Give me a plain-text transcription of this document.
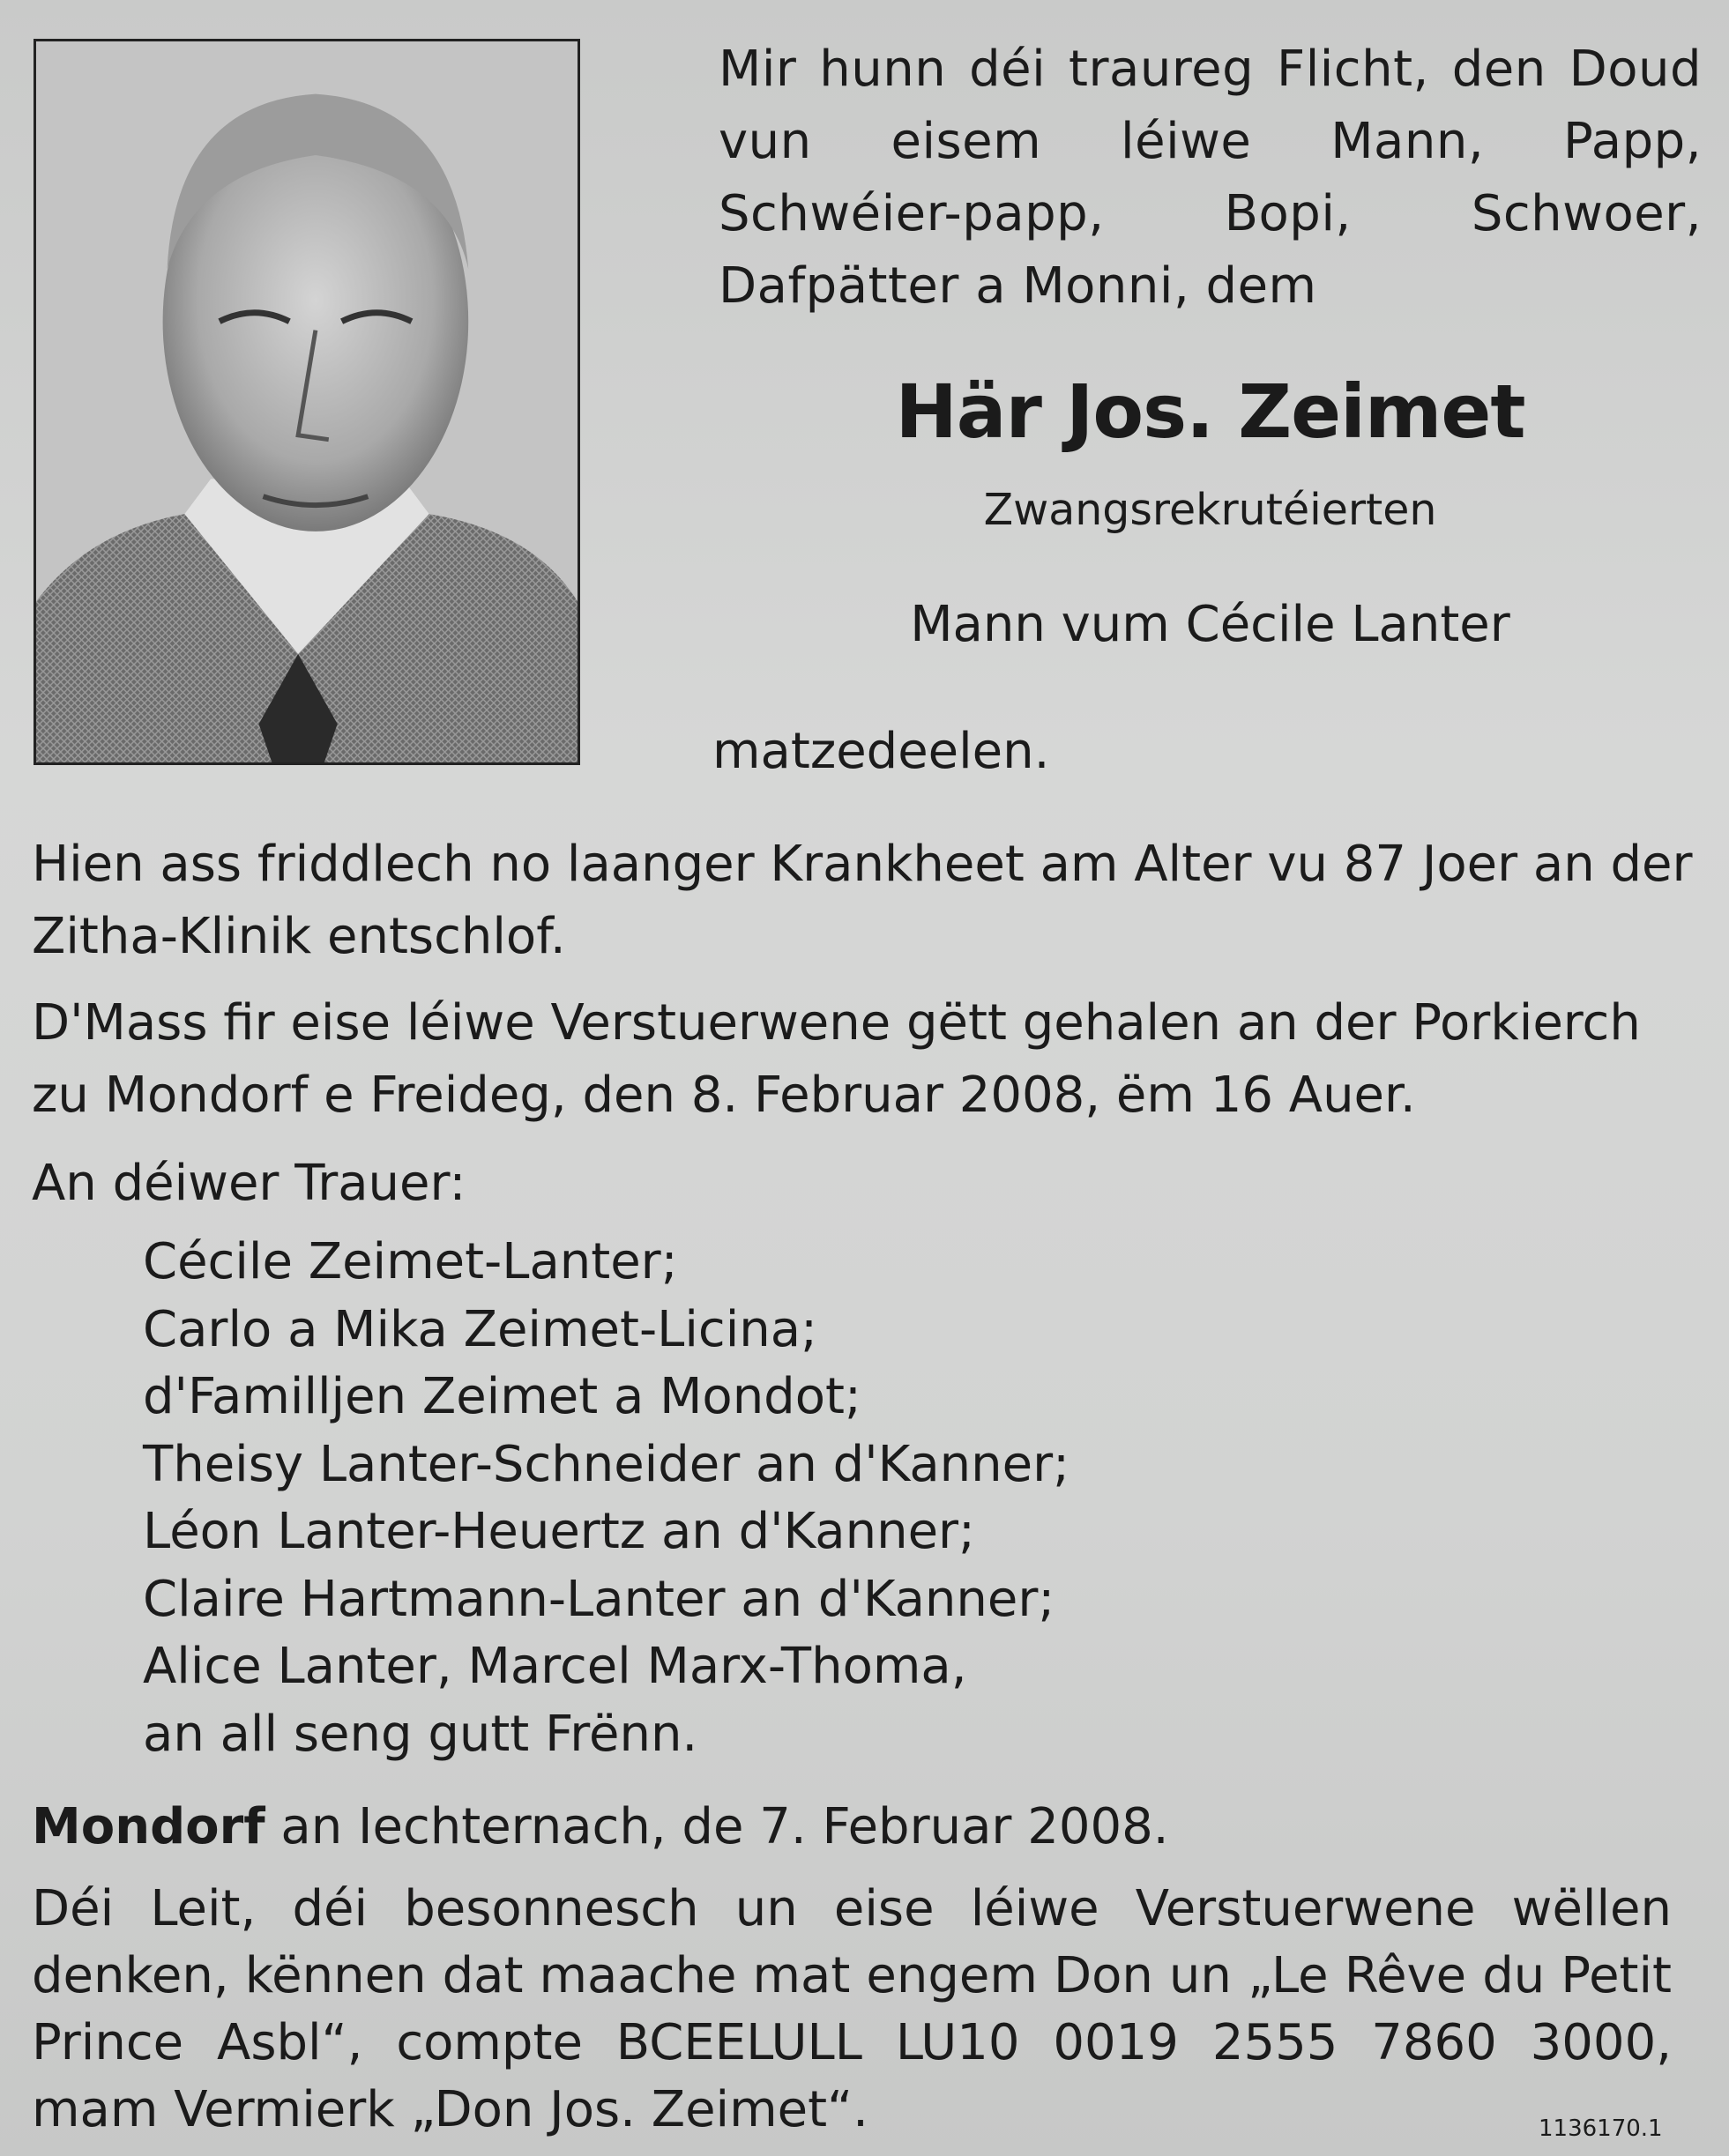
Mir hunn déi traureg Flicht, den Doud vun eisem léiwe Mann, Papp, Schwéier-papp, Bopi, Schwoer, Dafpätter a Monni, dem
Här Jos. Zeimet
Zwangsrekrutéierten
Mann vum Cécile Lanter
matzedeelen.
Hien ass friddlech no laanger Krankheet am Alter vu 87 Joer an der Zitha-Klinik entschlof.
D'Mass fir eise léiwe Verstuerwene gëtt gehalen an der Porkierch zu Mondorf e Freideg, den 8. Februar 2008, ëm 16 Auer.
An déiwer Trauer:
Cécile Zeimet-Lanter;
Carlo a Mika Zeimet-Licina;
d'Familljen Zeimet a Mondot;
Theisy Lanter-Schneider an d'Kanner;
Léon Lanter-Heuertz an d'Kanner;
Claire Hartmann-Lanter an d'Kanner;
Alice Lanter, Marcel Marx-Thoma,
an all seng gutt Frënn.
Mondorf an Iechternach, de 7. Februar 2008.
Déi Leit, déi besonnesch un eise léiwe Verstuerwene wëllen denken, kënnen dat maache mat engem Don un „Le Rêve du Petit Prince Asbl“, compte BCEELULL LU10 0019 2555 7860 3000, mam Vermierk „Don Jos. Zeimet“.	1136170.1
